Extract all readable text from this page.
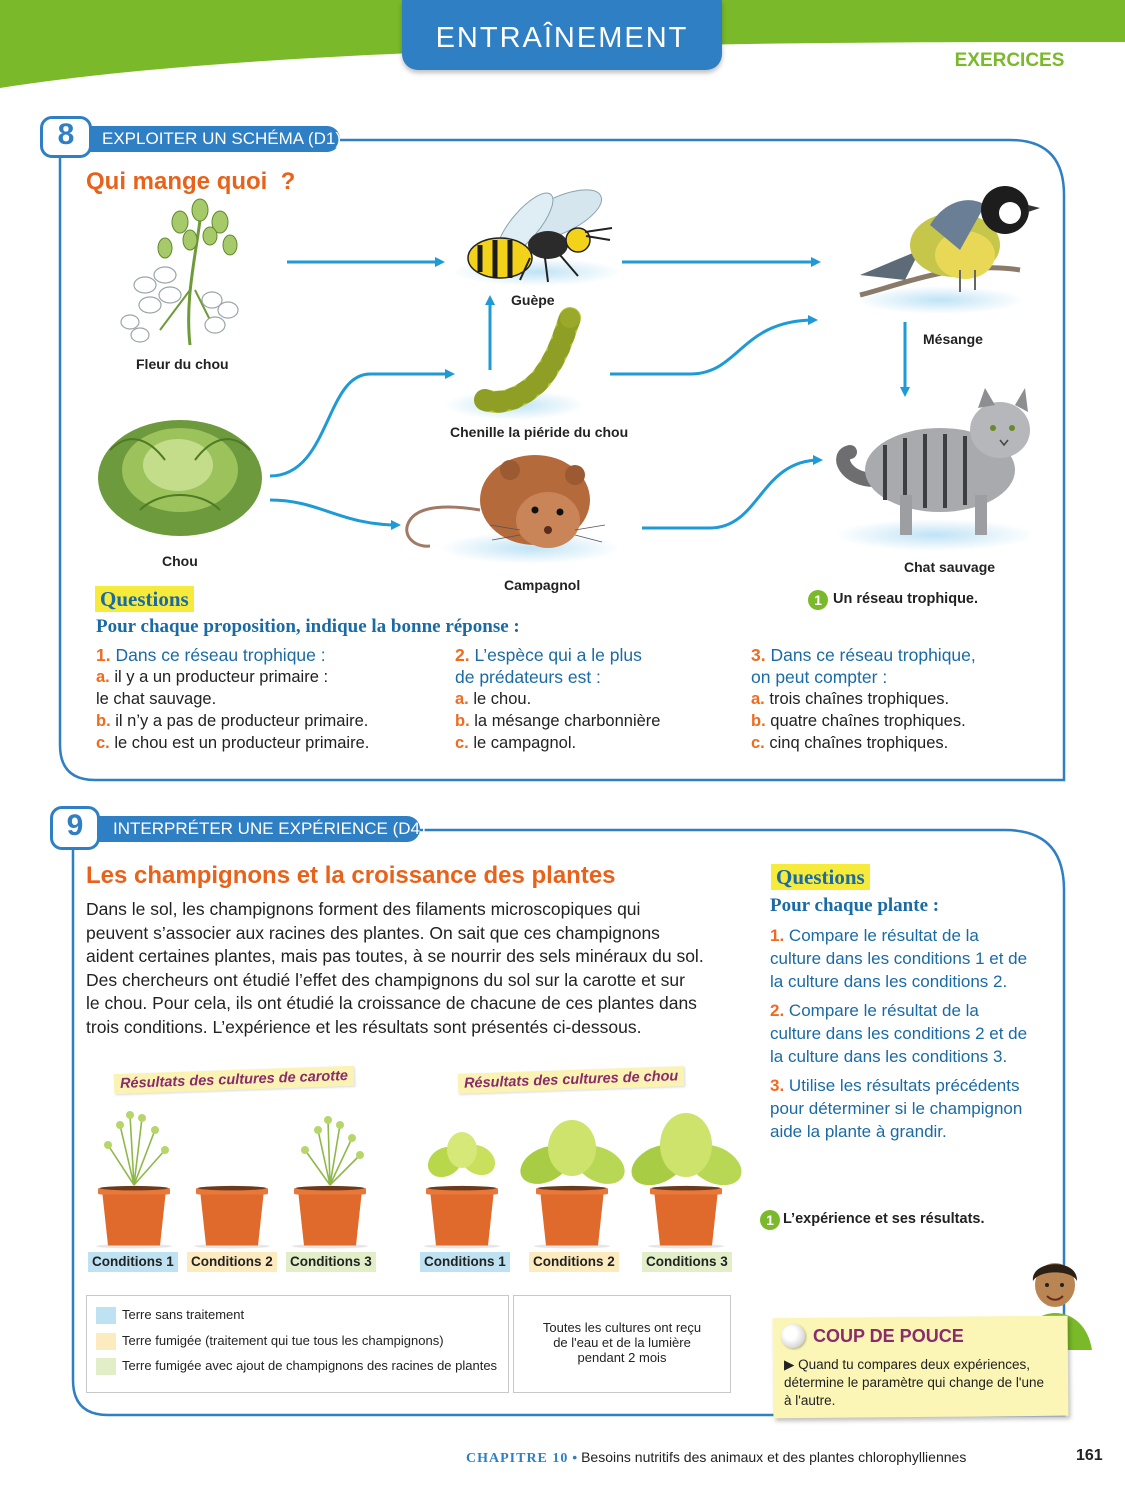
ENTRAÎNEMENT
EXERCICES
EXPLOITER UN SCHÉMA (D1)
8
Qui mange quoi  ?
Fleur du chou
Guèpe
Mésange
Chenille la piéride du chou
Chou
Campagnol
Chat sauvage
1 Un réseau trophique.
Questions
Pour chaque proposition, indique la bonne réponse :
1. Dans ce réseau trophique :
a. il y a un producteur primaire :
le chat sauvage.
b. il n’y a pas de producteur primaire.
c. le chou est un producteur primaire.
2. L’espèce qui a le plus
de prédateurs est :
a. le chou.
b. la mésange charbonnière
c. le campagnol.
3. Dans ce réseau trophique,
on peut compter :
a. trois chaînes trophiques.
b. quatre chaînes trophiques.
c. cinq chaînes trophiques.
INTERPRÉTER UNE EXPÉRIENCE (D4)
9
Les champignons et la croissance des plantes
Dans le sol, les champignons forment des filaments microscopiques qui
peuvent s’associer aux racines des plantes. On sait que ces champignons
aident certaines plantes, mais pas toutes, à se nourrir des sels minéraux du sol.
Des chercheurs ont étudié l’effet des champignons du sol sur la carotte et sur
le chou. Pour cela, ils ont étudié la croissance de chacune de ces plantes dans
trois conditions. L’expérience et les résultats sont présentés ci-dessous.
Résultats des cultures de carotte	Résultats des cultures de chou
Conditions 1 Conditions 2 Conditions 3	Conditions 1 Conditions 2 Conditions 3
Terre sans traitement
Terre fumigée (traitement qui tue tous les champignons)
Terre fumigée avec ajout de champignons des racines de plantes
Toutes les cultures ont reçu
de l'eau et de la lumière
pendant 2 mois
Questions
Pour chaque plante :
1. Compare le résultat de la
culture dans les conditions 1 et de
la culture dans les conditions 2.
2. Compare le résultat de la
culture dans les conditions 2 et de
la culture dans les conditions 3.
3. Utilise les résultats précédents
pour déterminer si le champignon
aide la plante à grandir.
1 L’expérience et ses résultats.
COUP DE POUCE
▶ Quand tu compares deux expériences,
détermine le paramètre qui change de l'une
à l'autre.
CHAPITRE 10 • Besoins nutritifs des animaux et des plantes chlorophylliennes	161
